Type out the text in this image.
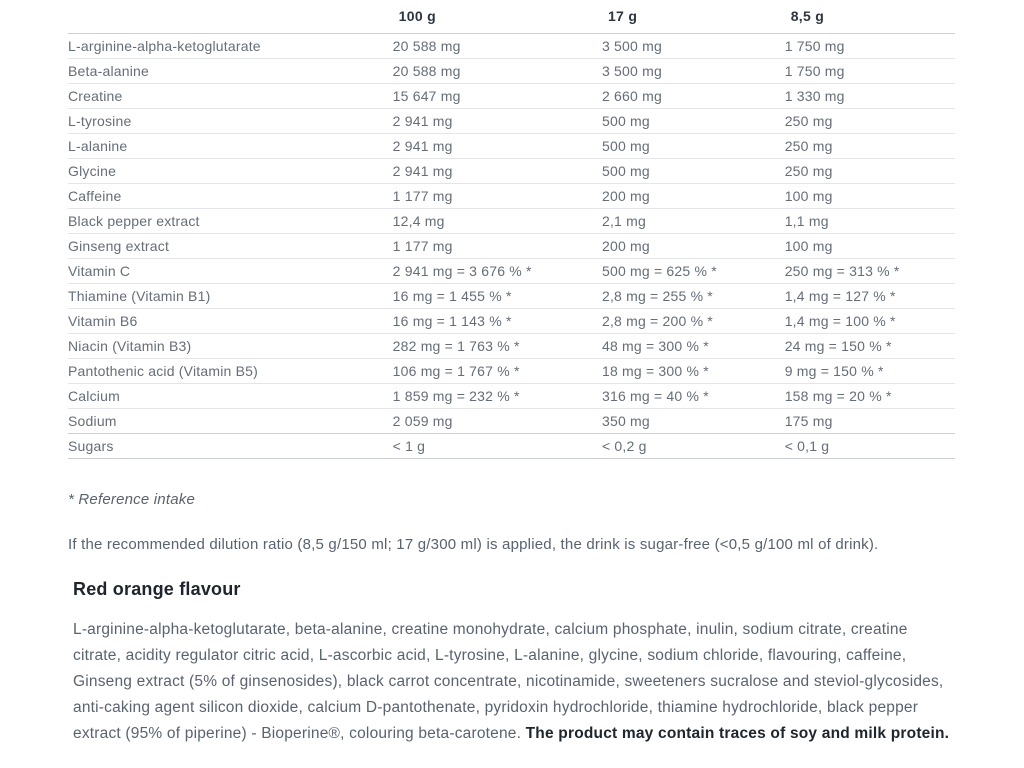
	100 g	17 g	8,5 g
L-arginine-alpha-ketoglutarate	20 588 mg	3 500 mg	1 750 mg
Beta-alanine	20 588 mg	3 500 mg	1 750 mg
Creatine	15 647 mg	2 660 mg	1 330 mg
L-tyrosine	2 941 mg	500 mg	250 mg
L-alanine	2 941 mg	500 mg	250 mg
Glycine	2 941 mg	500 mg	250 mg
Caffeine	1 177 mg	200 mg	100 mg
Black pepper extract	12,4 mg	2,1 mg	1,1 mg
Ginseng extract	1 177 mg	200 mg	100 mg
Vitamin C	2 941 mg = 3 676 % *	500 mg = 625 % *	250 mg = 313 % *
Thiamine (Vitamin B1)	16 mg = 1 455 % *	2,8 mg = 255 % *	1,4 mg = 127 % *
Vitamin B6	16 mg = 1 143 % *	2,8 mg = 200 % *	1,4 mg = 100 % *
Niacin (Vitamin B3)	282 mg = 1 763 % *	48 mg = 300 % *	24 mg = 150 % *
Pantothenic acid (Vitamin B5)	106 mg = 1 767 % *	18 mg = 300 % *	9 mg = 150 % *
Calcium	1 859 mg = 232 % *	316 mg = 40 % *	158 mg = 20 % *
Sodium	2 059 mg	350 mg	175 mg
Sugars	< 1 g	< 0,2 g	< 0,1 g

* Reference intake

If the recommended dilution ratio (8,5 g/150 ml; 17 g/300 ml) is applied, the drink is sugar-free (<0,5 g/100 ml of drink).

Red orange flavour

L-arginine-alpha-ketoglutarate, beta-alanine, creatine monohydrate, calcium phosphate, inulin, sodium citrate, creatine citrate, acidity regulator citric acid, L-ascorbic acid, L-tyrosine, L-alanine, glycine, sodium chloride, flavouring, caffeine, Ginseng extract (5% of ginsenosides), black carrot concentrate, nicotinamide, sweeteners sucralose and steviol-glycosides, anti-caking agent silicon dioxide, calcium D-pantothenate, pyridoxin hydrochloride, thiamine hydrochloride, black pepper extract (95% of piperine) - Bioperine®, colouring beta-carotene. The product may contain traces of soy and milk protein.
